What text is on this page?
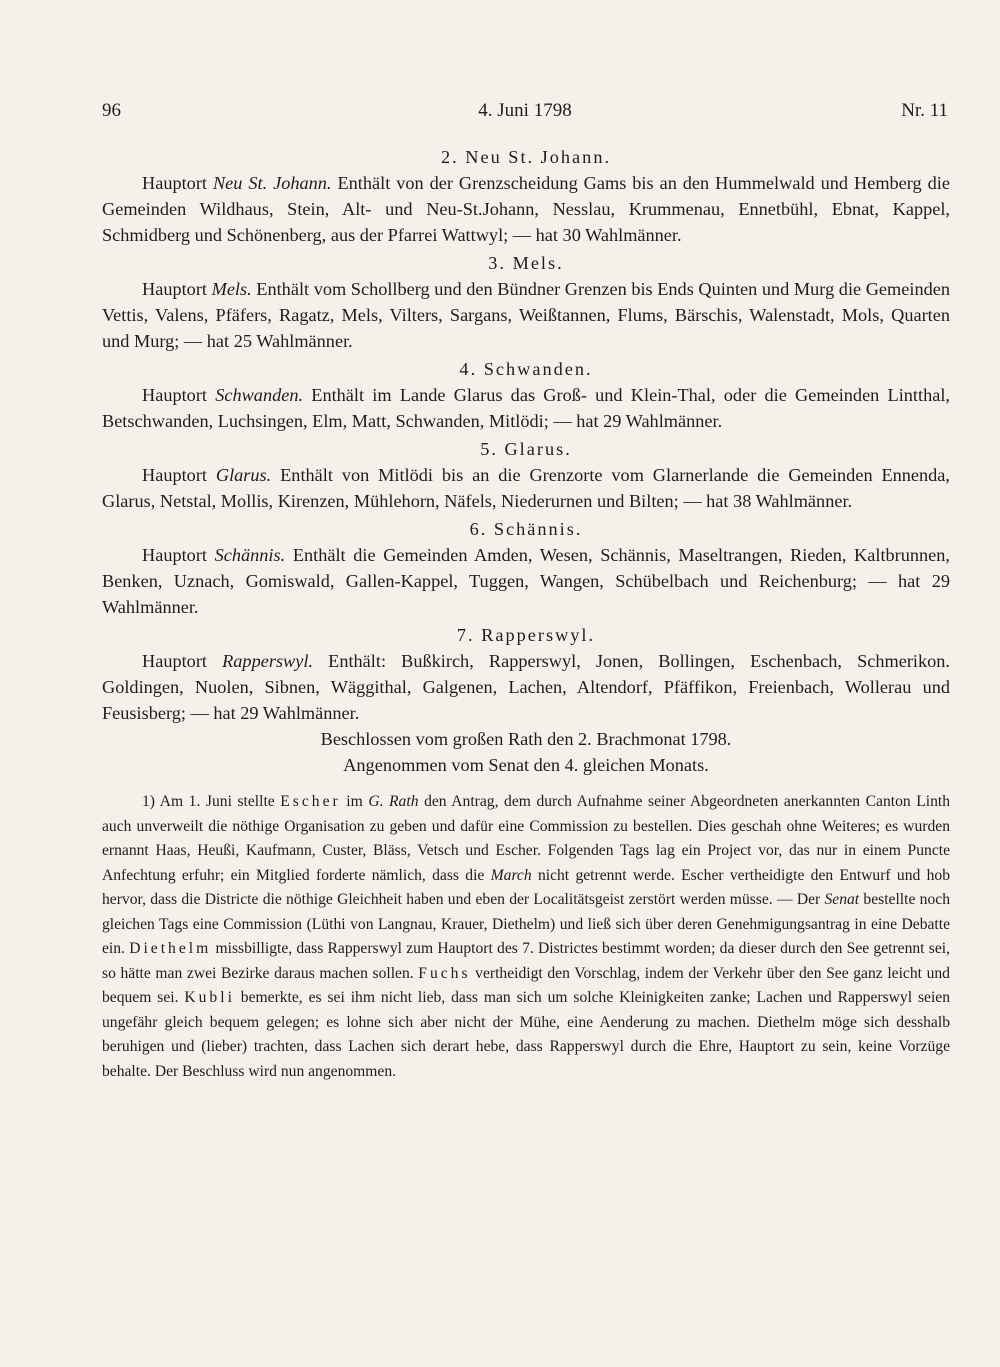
96	4. Juni 1798	Nr. 11
2. Neu St. Johann.

Hauptort Neu St. Johann. Enthält von der Grenzscheidung Gams bis an den Hummelwald und Hemberg die Gemeinden Wildhaus, Stein, Alt- und Neu-St.Johann, Nesslau, Krummenau, Ennetbühl, Ebnat, Kappel, Schmidberg und Schönenberg, aus der Pfarrei Wattwyl; — hat 30 Wahlmänner.

3. Mels.

Hauptort Mels. Enthält vom Schollberg und den Bündner Grenzen bis Ends Quinten und Murg die Gemeinden Vettis, Valens, Pfäfers, Ragatz, Mels, Vilters, Sargans, Weißtannen, Flums, Bärschis, Walenstadt, Mols, Quarten und Murg; — hat 25 Wahlmänner.

4. Schwanden.

Hauptort Schwanden. Enthält im Lande Glarus das Groß- und Klein-Thal, oder die Gemeinden Lintthal, Betschwanden, Luchsingen, Elm, Matt, Schwanden, Mitlödi; — hat 29 Wahlmänner.

5. Glarus.

Hauptort Glarus. Enthält von Mitlödi bis an die Grenzorte vom Glarnerlande die Gemeinden Ennenda, Glarus, Netstal, Mollis, Kirenzen, Mühlehorn, Näfels, Niederurnen und Bilten; — hat 38 Wahlmänner.

6. Schännis.

Hauptort Schännis. Enthält die Gemeinden Amden, Wesen, Schännis, Maseltrangen, Rieden, Kaltbrunnen, Benken, Uznach, Gomiswald, Gallen-Kappel, Tuggen, Wangen, Schübelbach und Reichenburg; — hat 29 Wahlmänner.

7. Rapperswyl.

Hauptort Rapperswyl. Enthält: Bußkirch, Rapperswyl, Jonen, Bollingen, Eschenbach, Schmerikon. Goldingen, Nuolen, Sibnen, Wäggithal, Galgenen, Lachen, Altendorf, Pfäffikon, Freienbach, Wollerau und Feusisberg; — hat 29 Wahlmänner.

Beschlossen vom großen Rath den 2. Brachmonat 1798.

Angenommen vom Senat den 4. gleichen Monats.

1) Am 1. Juni stellte Escher im G. Rath den Antrag, dem durch Aufnahme seiner Abgeordneten anerkannten Canton Linth auch unverweilt die nöthige Organisation zu geben und dafür eine Commission zu bestellen. Dies geschah ohne Weiteres; es wurden ernannt Haas, Heußi, Kaufmann, Custer, Bläss, Vetsch und Escher. Folgenden Tags lag ein Project vor, das nur in einem Puncte Anfechtung erfuhr; ein Mitglied forderte nämlich, dass die March nicht getrennt werde. Escher vertheidigte den Entwurf und hob hervor, dass die Districte die nöthige Gleichheit haben und eben der Localitätsgeist zerstört werden müsse. — Der Senat bestellte noch gleichen Tags eine Commission (Lüthi von Langnau, Krauer, Diethelm) und ließ sich über deren Genehmigungsantrag in eine Debatte ein. Diethelm missbilligte, dass Rapperswyl zum Hauptort des 7. Districtes bestimmt worden; da dieser durch den See getrennt sei, so hätte man zwei Bezirke daraus machen sollen. Fuchs vertheidigt den Vorschlag, indem der Verkehr über den See ganz leicht und bequem sei. Kubli bemerkte, es sei ihm nicht lieb, dass man sich um solche Kleinigkeiten zanke; Lachen und Rapperswyl seien ungefähr gleich bequem gelegen; es lohne sich aber nicht der Mühe, eine Aenderung zu machen. Diethelm möge sich desshalb beruhigen und (lieber) trachten, dass Lachen sich derart hebe, dass Rapperswyl durch die Ehre, Hauptort zu sein, keine Vorzüge behalte. Der Beschluss wird nun angenommen.
